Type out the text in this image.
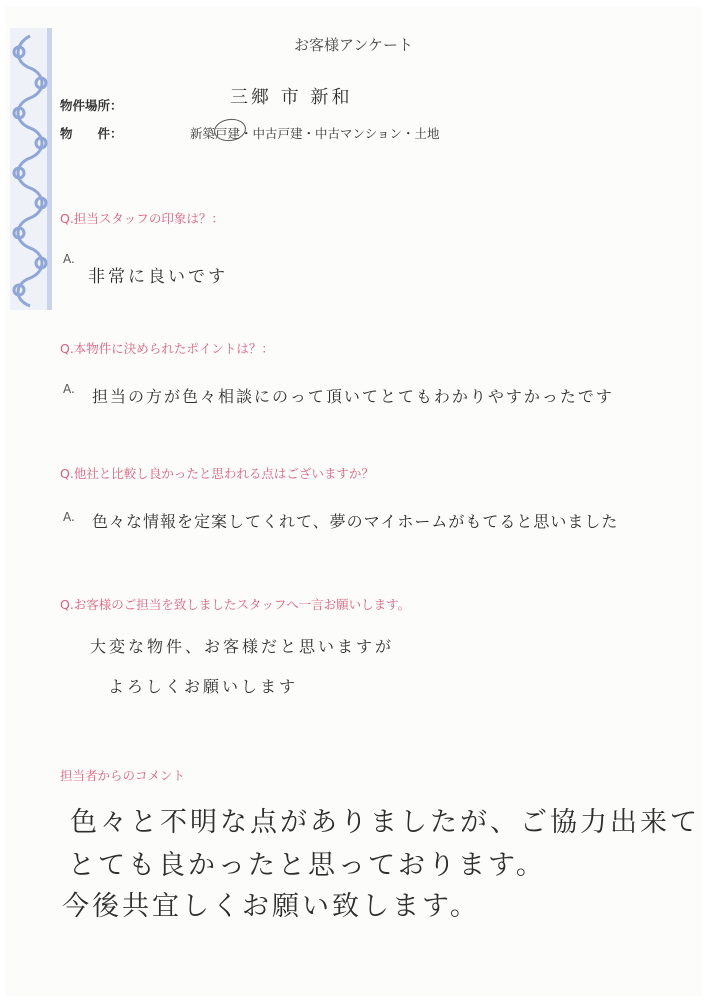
お客様アンケート
物件場所：	三郷 市 新和
物　　件：	新築戸建・中古戸建・中古マンション・土地
Q.担当スタッフの印象は？：
A.
非常に良いです
Q.本物件に決められたポイントは？：
A. 担当の方が色々相談にのって頂いてとてもわかりやすかったです
Q.他社と比較し良かったと思われる点はございますか？
A. 色々な情報を定案してくれて、夢のマイホームがもてると思いました
Q.お客様のご担当を致しましたスタッフへ一言お願いします。
大変な物件、お客様だと思いますが
よろしくお願いします
担当者からのコメント
色々と不明な点がありましたが、ご協力出来て
とても良かったと思っております。
今後共宜しくお願い致します。
